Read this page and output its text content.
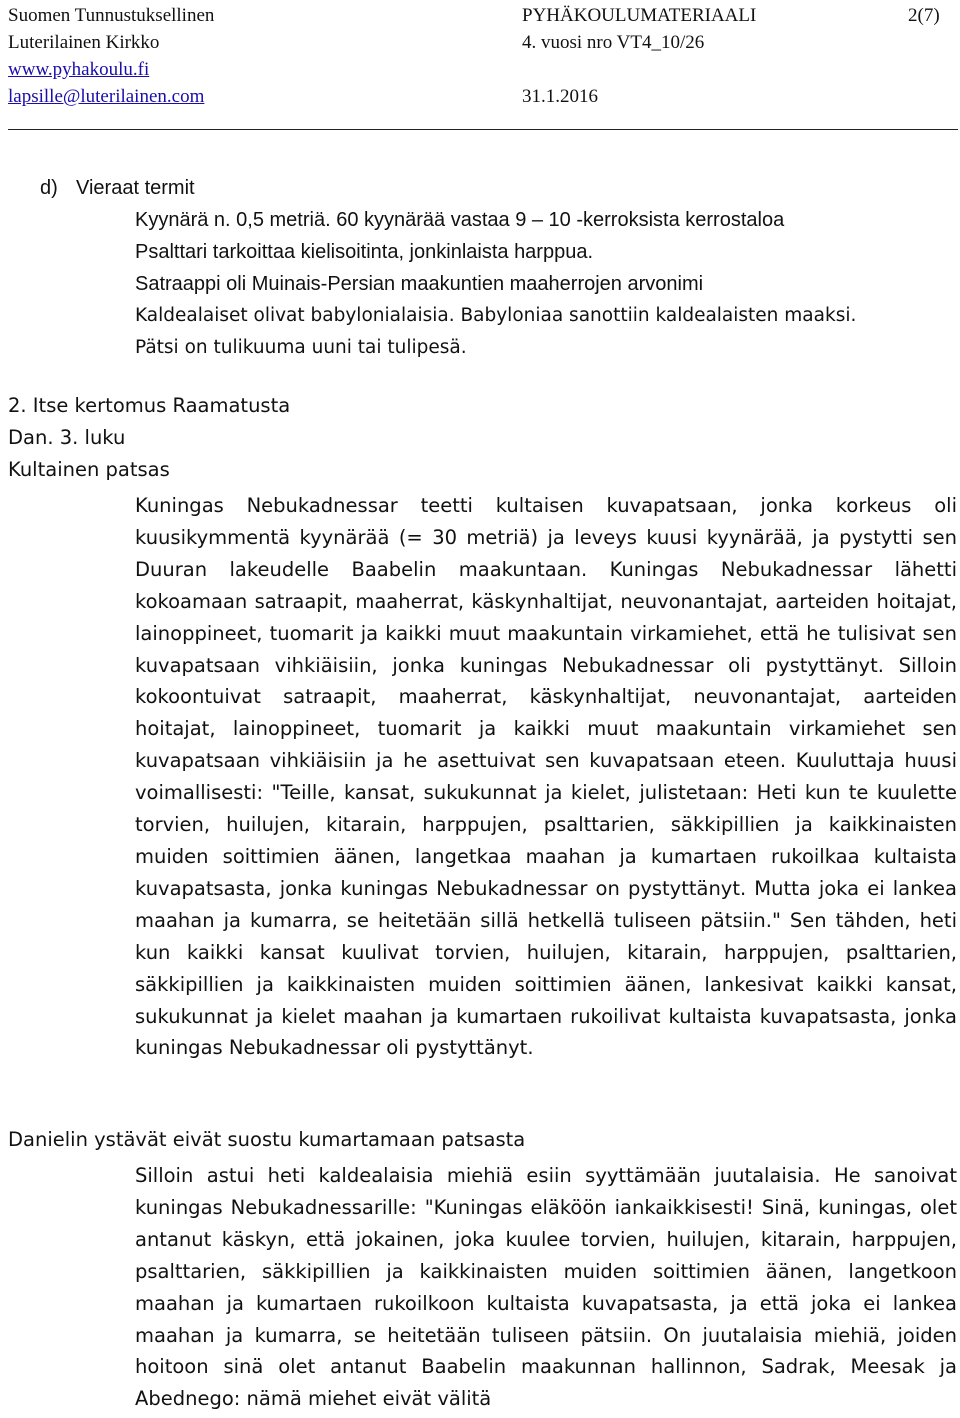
Suomen Tunnustuksellinen
Luterilainen Kirkko
www.pyhakoulu.fi
lapsille@luterilainen.com
PYHÄKOULUMATERIAALI
4. vuosi nro VT4_10/26

31.1.2016
2(7)
d) Vieraat termit
Kyynärä n. 0,5 metriä. 60 kyynärää vastaa 9 – 10 -kerroksista kerrostaloa
Psalttari tarkoittaa kielisoitinta, jonkinlaista harppua.
Satraappi oli Muinais-Persian maakuntien maaherrojen arvonimi
Kaldealaiset olivat babylonialaisia. Babyloniaa sanottiin kaldealaisten maaksi.
Pätsi on tulikuuma uuni tai tulipesä.
2. Itse kertomus Raamatusta
Dan. 3. luku
Kultainen patsas

Kuningas Nebukadnessar teetti kultaisen kuvapatsaan, jonka korkeus oli kuusikymmentä kyynärää (= 30 metriä) ja leveys kuusi kyynärää, ja pystytti sen Duuran lakeudelle Baabelin maakuntaan. Kuningas Nebukadnessar lähetti kokoamaan satraapit, maaherrat, käskynhaltijat, neuvonantajat, aarteiden hoitajat, lainoppineet, tuomarit ja kaikki muut maakuntain virkamiehet, että he tulisivat sen kuvapatsaan vihkiäisiin, jonka kuningas Nebukadnessar oli pystyttänyt. Silloin kokoontuivat satraapit, maaherrat, käskynhaltijat, neuvonantajat, aarteiden hoitajat, lainoppineet, tuomarit ja kaikki muut maakuntain virkamiehet sen kuvapatsaan vihkiäisiin ja he asettuivat sen kuvapatsaan eteen. Kuuluttaja huusi voimallisesti: "Teille, kansat, sukukunnat ja kielet, julistetaan: Heti kun te kuulette torvien, huilujen, kitarain, harppujen, psalttarien, säkkipillien ja kaikkinaisten muiden soittimien äänen, langetkaa maahan ja kumartaen rukoilkaa kultaista kuvapatsasta, jonka kuningas Nebukadnessar on pystyttänyt. Mutta joka ei lankea maahan ja kumarra, se heitetään sillä hetkellä tuliseen pätsiin." Sen tähden, heti kun kaikki kansat kuulivat torvien, huilujen, kitarain, harppujen, psalttarien, säkkipillien ja kaikkinaisten muiden soittimien äänen, lankesivat kaikki kansat, sukukunnat ja kielet maahan ja kumartaen rukoilivat kultaista kuvapatsasta, jonka kuningas Nebukadnessar oli pystyttänyt.

Danielin ystävät eivät suostu kumartamaan patsasta

Silloin astui heti kaldealaisia miehiä esiin syyttämään juutalaisia. He sanoivat kuningas Nebukadnessarille: "Kuningas eläköön iankaikkisesti! Sinä, kuningas, olet antanut käskyn, että jokainen, joka kuulee torvien, huilujen, kitarain, harppujen, psalttarien, säkkipillien ja kaikkinaisten muiden soittimien äänen, langetkoon maahan ja kumartaen rukoilkoon kultaista kuvapatsasta, ja että joka ei lankea maahan ja kumarra, se heitetään tuliseen pätsiin. On juutalaisia miehiä, joiden hoitoon sinä olet antanut Baabelin maakunnan hallinnon, Sadrak, Meesak ja Abednego: nämä miehet eivät välitä
